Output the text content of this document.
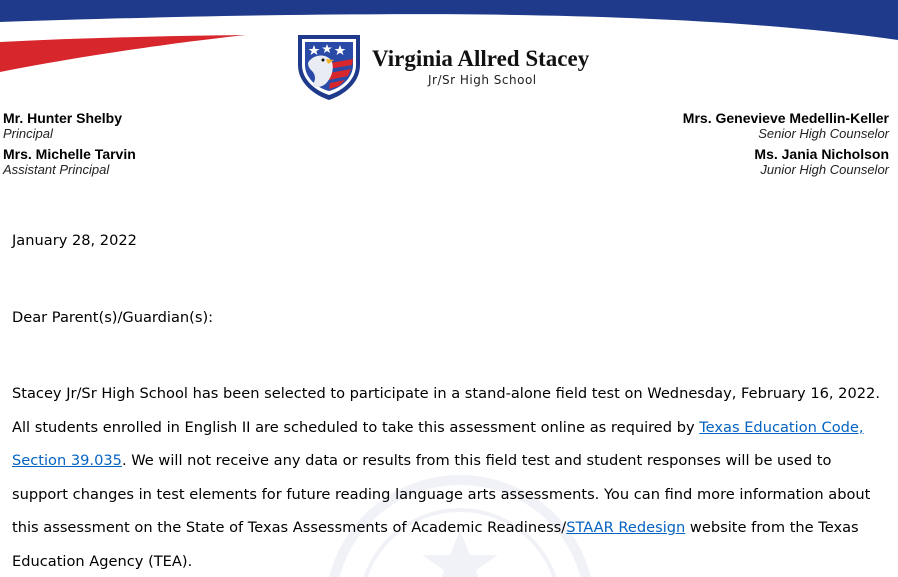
Virginia Allred Stacey
Jr/Sr High School
Mr. Hunter Shelby
Principal
Mrs. Michelle Tarvin
Assistant Principal
Mrs. Genevieve Medellin-Keller
Senior High Counselor
Ms. Jania Nicholson
Junior High Counselor
January 28, 2022
Dear Parent(s)/Guardian(s):
Stacey Jr/Sr High School has been selected to participate in a stand-alone field test on Wednesday, February 16, 2022. All students enrolled in English II are scheduled to take this assessment online as required by Texas Education Code, Section 39.035. We will not receive any data or results from this field test and student responses will be used to support changes in test elements for future reading language arts assessments. You can find more information about this assessment on the State of Texas Assessments of Academic Readiness/STAAR Redesign website from the Texas Education Agency (TEA).
